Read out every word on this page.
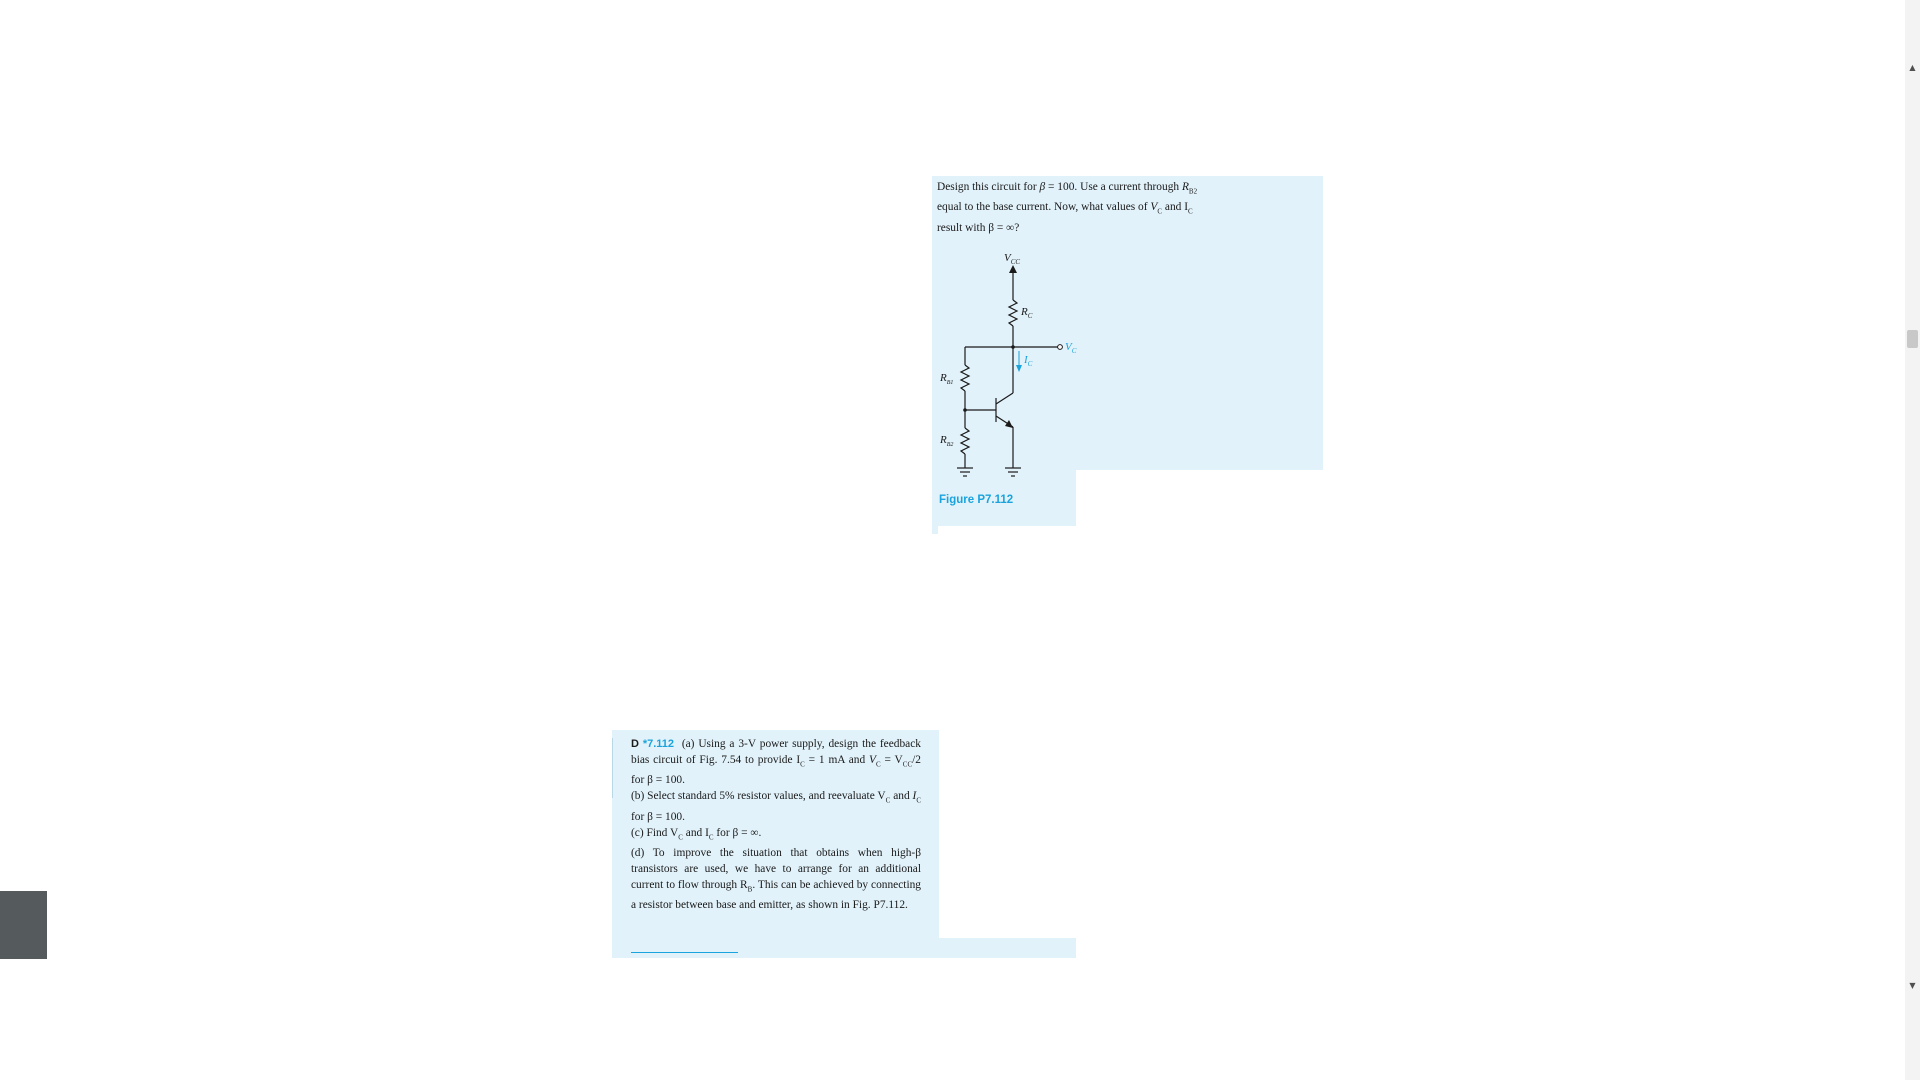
Design this circuit for β = 100. Use a current through $R_{B2}$

equal to the base current. Now, what values of $V_C$ and $I_C$

result with β = ∞?

$V_{CC}$
$R_C$
$V_C$
$I_C$
$R_{B1}$
$R_{B2}$
Figure P7.112

D *7.112 (a) Using a 3-V power supply, design the feedback bias circuit of Fig. 7.54 to provide $I_C = 1$ mA and $V_C = V_{CC}/2$ for β = 100.

(b) Select standard 5% resistor values, and reevaluate $V_C$ and $I_C$ for β = 100.

(c) Find $V_C$ and $I_C$ for β = ∞.

(d) To improve the situation that obtains when high-β transistors are used, we have to arrange for an additional current to flow through $R_B$. This can be achieved by connecting a resistor between base and emitter, as shown in Fig. P7.112.

▲
▼
